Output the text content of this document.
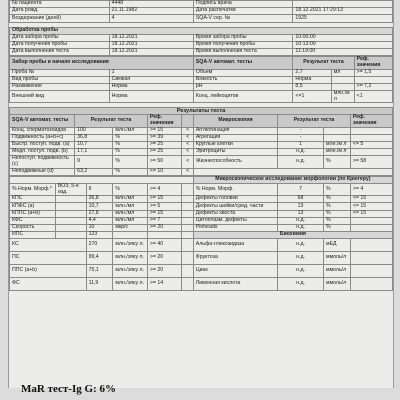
№ пациента	4448	Подпись врача	
Дата рожд.	21.11.1982	Дата распечатки	18.12.2021 17:29:13
Воздержание (дней)	4	SQA-V сер. №	1925
Обработка пробы			
Дата забора пробы	18.12.2021	Время забора пробы	10:00:00
Дата получения пробы	18.12.2021	Время получения пробы	10:13:00
Дата выполнения теста	18.12.2021	Время выполнения теста	11:19:00
Забор пробы и начало исследования		SQA-V автомат. тесты	Результат теста		Реф. значения
Проба №	1	Объем	2,7	мл	>= 1,5
Вид пробы	Свежая	Вязкость	Норма		
Разжижение	Норма	pH	8,5		>= 7,2
Внешний вид	Норма	Конц. лейкоцитов	<=1	млн./м л	<1
Результаты теста								
SQA-V автомат. тесты	Результат теста		Реф. значения		Микроскопия	Результат теста		Реф. значения
Конц. сперматозоидов	100	млн./мл	>= 15	<	Агглютинация	-		
Подвижность (a+b+c)	36,8	%	>= 39	<	Агрегация	-		
Быстр. поступ. подв. (a)	10,7	%	>= 25	<	Круглые клетки	1	млн./м л	<= 5
Медл. поступ. подв. (b)	17,1	%	>= 25	<	Эритроциты	н.д.	млн./м л	
Непоступ. подвижность (c)	9	%	>= 50	<	Жизнеспособность	н.д.	%	>= 58
Неподвижные (d)	63,2	%	<= 10	<				
						Микроскопическое исследование морфологии (по Крюгеру)			
% Норм. Морф.*	ВОЗ, 5-е изд.	6	%	>= 4		% Норм. Морф.	7	%	>= 4
КПС		36,8	млн./мл	>= 15		Дефекты головки	68	%	<= 15
КПФС (a)		10,7	млн./мл	>= 5		Дефекты шейки/сред. части	13	%	<= 15
КППС (a+b)		27,8	млн./мл	>= 15		Дефекты хвоста	13	%	<= 15
КФС		4,4	млн./мл	>= 7		Цитоплазм. дефекты	н.д.	%	
Скорость		10	мкр/с	>= 20		Pinheads	н.д.	%	
ИПС		123				Биохимия			
КС		270	млн./эяку л.	>= 40		Альфа-глюкозидаза	н.д.	мЕД	
ПС		99,4	млн./эяку л.	>= 20		Фруктоза	н.д.	ммоль/л	
ППС (a+b)		75,1	млн./эяку л.	>= 20		Цинк	н.д.	ммоль/л	
ФС		11,9	млн./эяку л.	>= 14		Лимонная кислота	н.д.	ммоль/л	
MaR тест-Ig G: 6%
